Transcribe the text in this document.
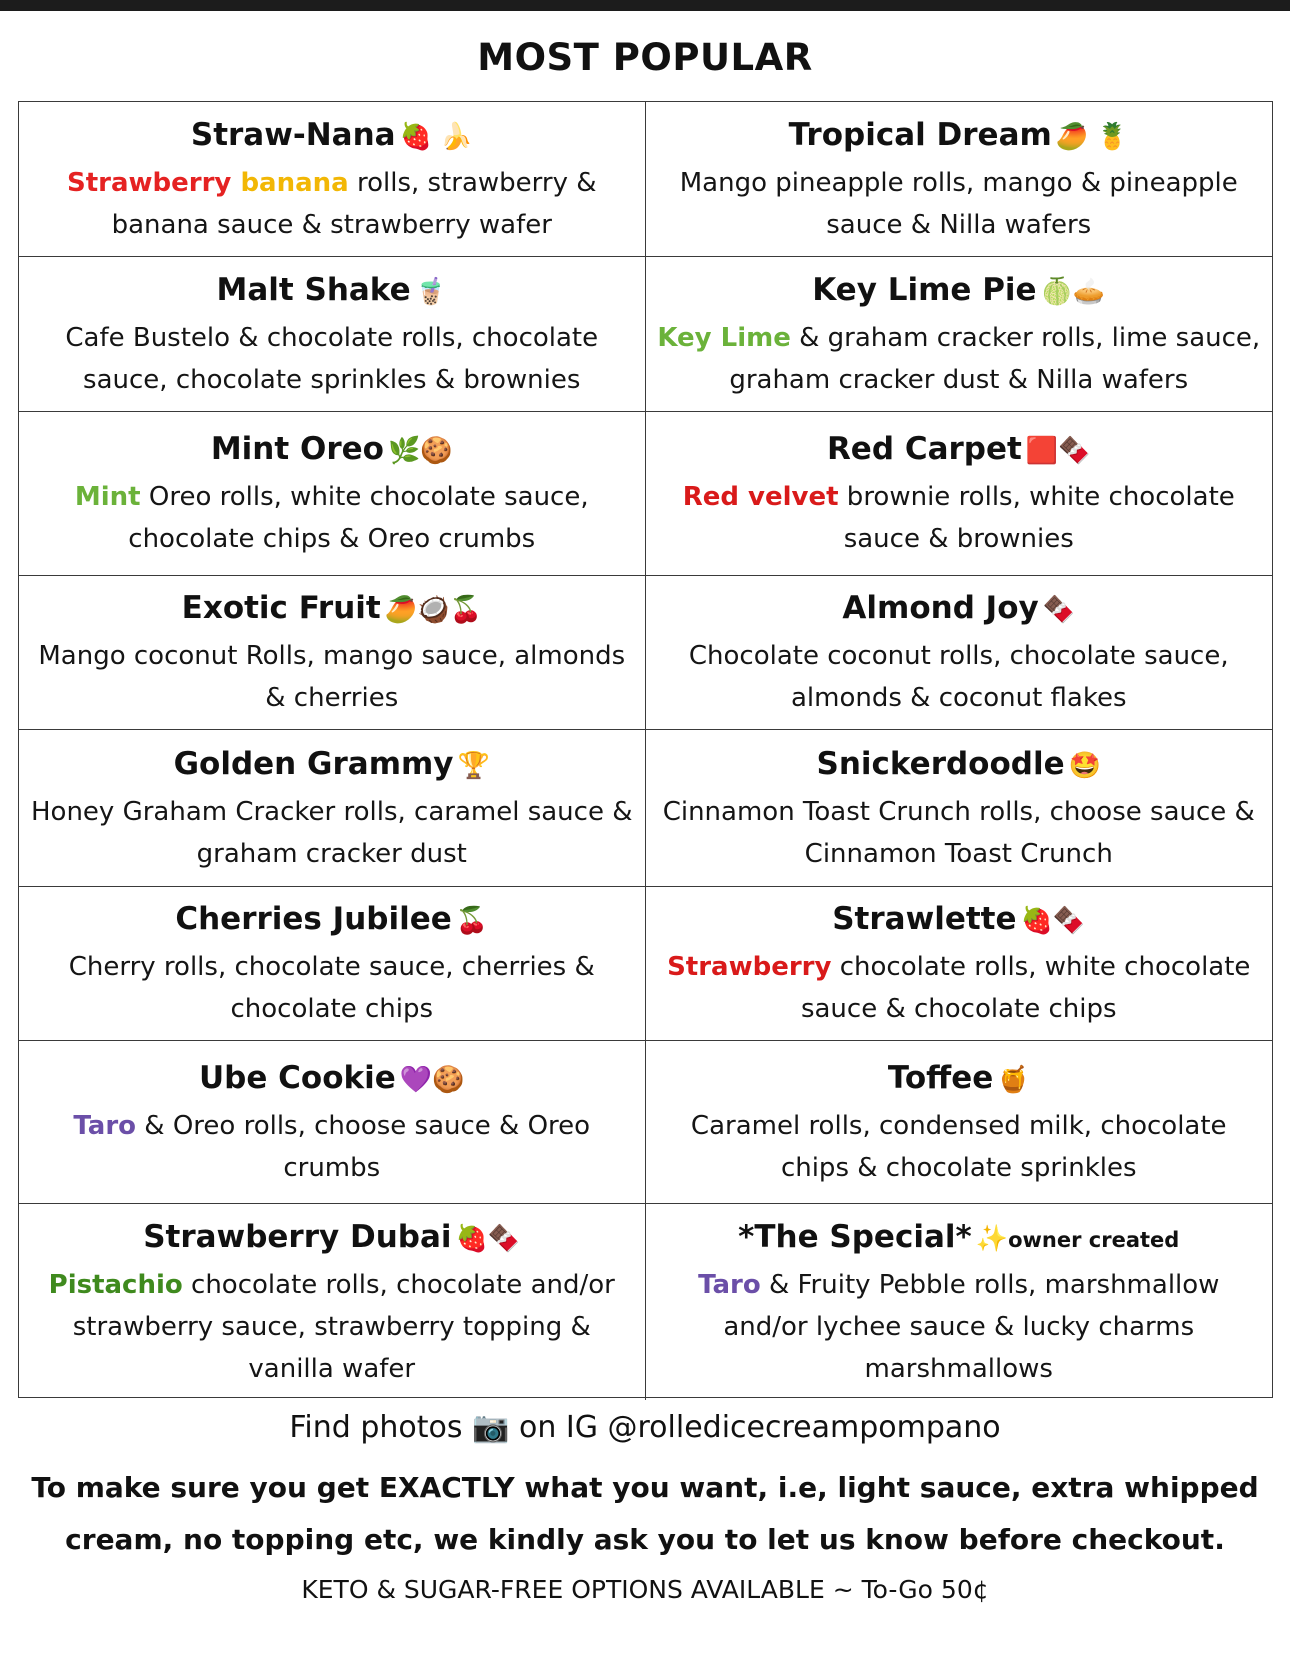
MOST POPULAR
Straw-Nana 🍓 🍌
Strawberry banana rolls, strawberry & banana sauce & strawberry wafer
Tropical Dream 🥭 🍍
Mango pineapple rolls, mango & pineapple sauce & Nilla wafers
Malt Shake 🧋
Cafe Bustelo & chocolate rolls, chocolate sauce, chocolate sprinkles & brownies
Key Lime Pie 🍈🥧
Key Lime & graham cracker rolls, lime sauce, graham cracker dust & Nilla wafers
Mint Oreo 🌿🍪
Mint Oreo rolls, white chocolate sauce, chocolate chips & Oreo crumbs
Red Carpet 🟥🍫
Red velvet brownie rolls, white chocolate sauce & brownies
Exotic Fruit 🥭🥥🍒
Mango coconut Rolls, mango sauce, almonds & cherries
Almond Joy 🍫
Chocolate coconut rolls, chocolate sauce, almonds & coconut flakes
Golden Grammy 🏆
Honey Graham Cracker rolls, caramel sauce & graham cracker dust
Snickerdoodle 🤩
Cinnamon Toast Crunch rolls, choose sauce & Cinnamon Toast Crunch
Cherries Jubilee 🍒
Cherry rolls, chocolate sauce, cherries & chocolate chips
Strawlette 🍓🍫
Strawberry chocolate rolls, white chocolate sauce & chocolate chips
Ube Cookie 💜🍪
Taro & Oreo rolls, choose sauce & Oreo crumbs
Toffee 🍯
Caramel rolls, condensed milk, chocolate chips & chocolate sprinkles
Strawberry Dubai 🍓🍫
Pistachio chocolate rolls, chocolate and/or strawberry sauce, strawberry topping & vanilla wafer
*The Special* ✨owner created
Taro & Fruity Pebble rolls, marshmallow and/or lychee sauce & lucky charms marshmallows
Find photos 📷 on IG @rolledicecreampompano
To make sure you get EXACTLY what you want, i.e, light sauce, extra whipped cream, no topping etc, we kindly ask you to let us know before checkout.
KETO & SUGAR-FREE OPTIONS AVAILABLE ~ To-Go 50¢
